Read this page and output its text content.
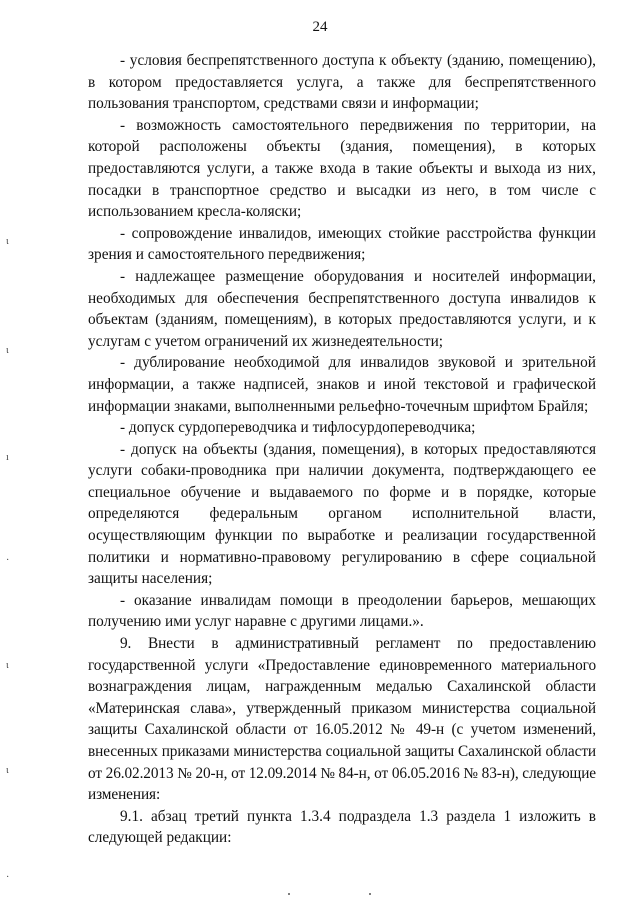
24

- условия беспрепятственного доступа к объекту (зданию, помещению), в котором предоставляется услуга, а также для беспрепятственного пользования транспортом, средствами связи и информации;

- возможность самостоятельного передвижения по территории, на которой расположены объекты (здания, помещения), в которых предоставляются услуги, а также входа в такие объекты и выхода из них, посадки в транспортное средство и высадки из него, в том числе с использованием кресла-коляски;

- сопровождение инвалидов, имеющих стойкие расстройства функции зрения и самостоятельного передвижения;

- надлежащее размещение оборудования и носителей информации, необходимых для обеспечения беспрепятственного доступа инвалидов к объектам (зданиям, помещениям), в которых предоставляются услуги, и к услугам с учетом ограничений их жизнедеятельности;

- дублирование необходимой для инвалидов звуковой и зрительной информации, а также надписей, знаков и иной текстовой и графической информации знаками, выполненными рельефно-точечным шрифтом Брайля;

- допуск сурдопереводчика и тифлосурдопереводчика;

- допуск на объекты (здания, помещения), в которых предоставляются услуги собаки-проводника при наличии документа, подтверждающего ее специальное обучение и выдаваемого по форме и в порядке, которые определяются федеральным органом исполнительной власти, осуществляющим функции по выработке и реализации государственной политики и нормативно-правовому регулированию в сфере социальной защиты населения;

- оказание инвалидам помощи в преодолении барьеров, мешающих получению ими услуг наравне с другими лицами.».

9. Внести в административный регламент по предоставлению государственной услуги «Предоставление единовременного материального вознаграждения лицам, награжденным медалью Сахалинской области «Материнская слава», утвержденный приказом министерства социальной защиты Сахалинской области от 16.05.2012 № 49-н (с учетом изменений, внесенных приказами министерства социальной защиты Сахалинской области от 26.02.2013 № 20-н, от 12.09.2014 № 84-н, от 06.05.2016 № 83-н), следующие изменения:

9.1. абзац третий пункта 1.3.4 подраздела 1.3 раздела 1 изложить в следующей редакции:

ɩ
ɩ
ı
·
ɩ
ɩ
·
